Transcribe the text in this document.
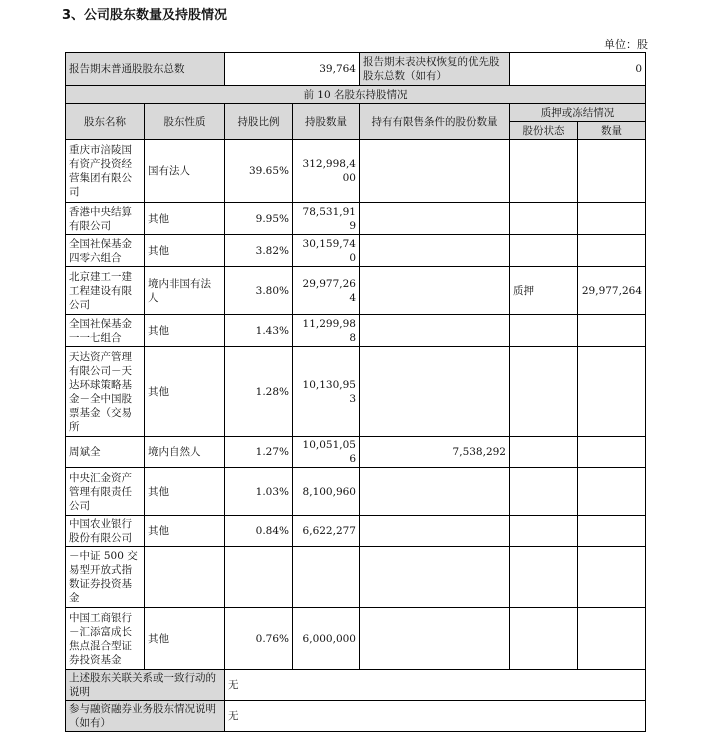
3、公司股东数量及持股情况
单位：股
报告期末普通股股东总数		39,764		报告期末表决权恢复的优先股股东总数（如有）	0	
前 10 名股东持股情况						
股东名称	股东性质	持股比例	持股数量	持有有限售条件的股份数量	质押或冻结情况	
					股份状态	数量
重庆市涪陵国有资产投资经营集团有限公司	国有法人	39.65%	312,998,400			
香港中央结算有限公司	其他	9.95%	78,531,919			
全国社保基金四零六组合	其他	3.82%	30,159,740			
北京建工一建工程建设有限公司	境内非国有法人	3.80%	29,977,264		质押	29,977,264
全国社保基金一一七组合	其他	1.43%	11,299,988			
天达资产管理有限公司－天达环球策略基金－全中国股票基金（交易所	其他	1.28%	10,130,953			
周斌全	境内自然人	1.27%	10,051,056	7,538,292		
中央汇金资产管理有限责任公司	其他	1.03%	8,100,960			
中国农业银行股份有限公司	其他	0.84%	6,622,277			
－中证 500 交易型开放式指数证券投资基金						
中国工商银行－汇添富成长焦点混合型证券投资基金	其他	0.76%	6,000,000			
上述股东关联关系或一致行动的说明		无				
参与融资融券业务股东情况说明（如有）		无				
